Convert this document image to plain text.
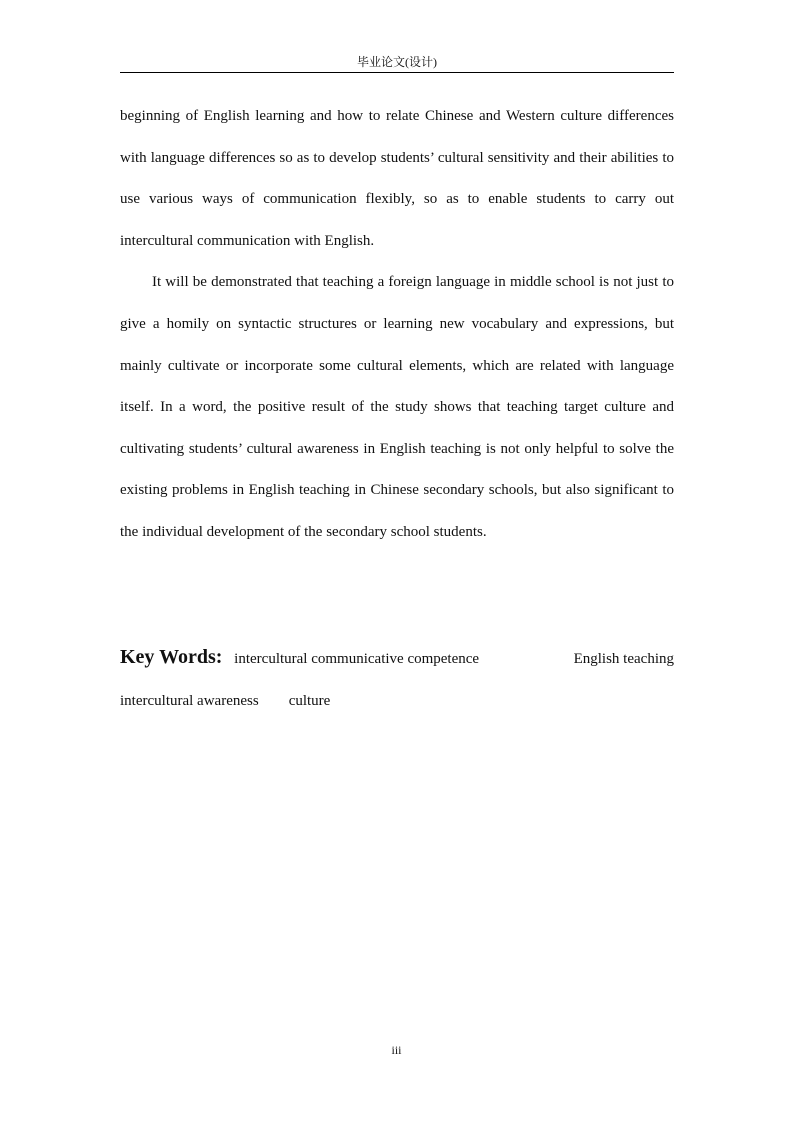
毕业论文(设计)

beginning of English learning and how to relate Chinese and Western culture differences with language differences so as to develop students’ cultural sensitivity and their abilities to use various ways of communication flexibly, so as to enable students to carry out intercultural communication with English.

It will be demonstrated that teaching a foreign language in middle school is not just to give a homily on syntactic structures or learning new vocabulary and expressions, but mainly cultivate or incorporate some cultural elements, which are related with language itself. In a word, the positive result of the study shows that teaching target culture and cultivating students’ cultural awareness in English teaching is not only helpful to solve the existing problems in English teaching in Chinese secondary schools, but also significant to the individual development of the secondary school students.

Key Words: intercultural communicative competence	English teaching
intercultural awareness culture
iii
